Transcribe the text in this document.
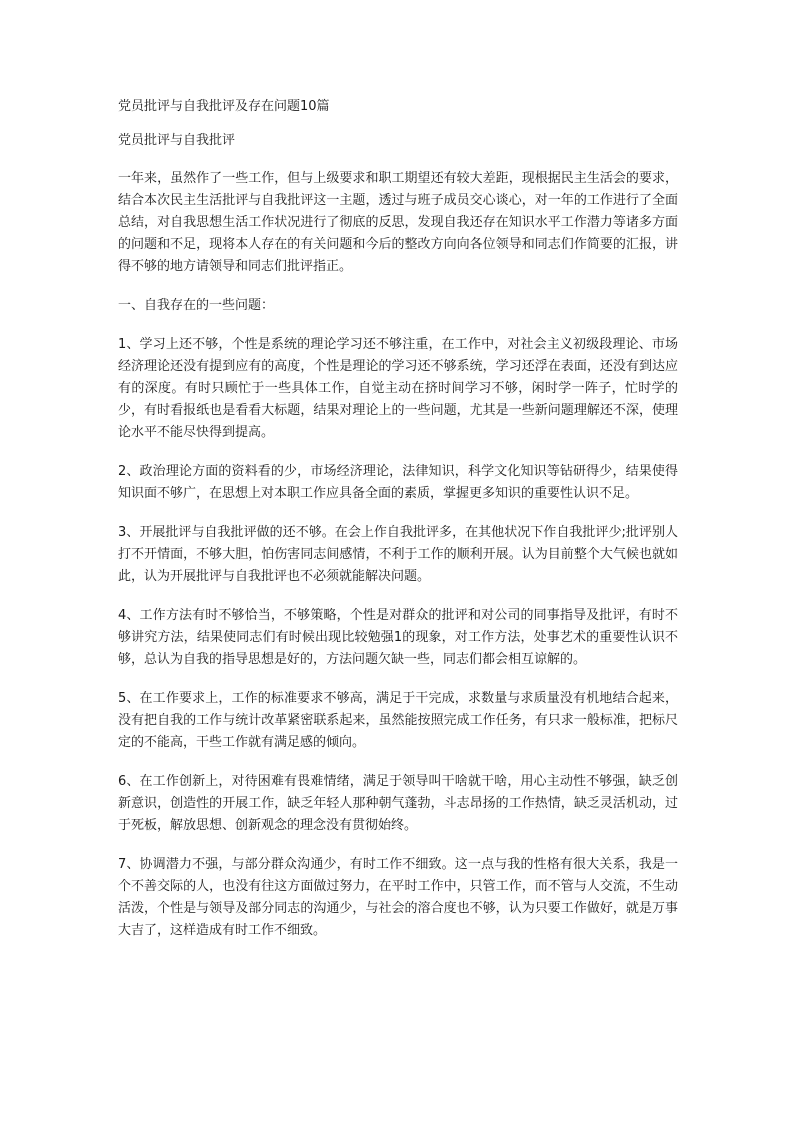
党员批评与自我批评及存在问题10篇
党员批评与自我批评

一年来，虽然作了一些工作，但与上级要求和职工期望还有较大差距，现根据民主生活会的要求，结合本次民主生活批评与自我批评这一主题，透过与班子成员交心谈心，对一年的工作进行了全面总结，对自我思想生活工作状况进行了彻底的反思，发现自我还存在知识水平工作潜力等诸多方面的问题和不足，现将本人存在的有关问题和今后的整改方向向各位领导和同志们作简要的汇报，讲得不够的地方请领导和同志们批评指正。

一、自我存在的一些问题：

1、学习上还不够，个性是系统的理论学习还不够注重，在工作中，对社会主义初级段理论、市场经济理论还没有提到应有的高度，个性是理论的学习还不够系统，学习还浮在表面，还没有到达应有的深度。有时只顾忙于一些具体工作，自觉主动在挤时间学习不够，闲时学一阵子，忙时学的少，有时看报纸也是看看大标题，结果对理论上的一些问题，尤其是一些新问题理解还不深，使理论水平不能尽快得到提高。

2、政治理论方面的资料看的少，市场经济理论，法律知识，科学文化知识等钻研得少，结果使得知识面不够广，在思想上对本职工作应具备全面的素质，掌握更多知识的重要性认识不足。

3、开展批评与自我批评做的还不够。在会上作自我批评多，在其他状况下作自我批评少;批评别人打不开情面，不够大胆，怕伤害同志间感情，不利于工作的顺利开展。认为目前整个大气候也就如此，认为开展批评与自我批评也不必须就能解决问题。

4、工作方法有时不够恰当，不够策略，个性是对群众的批评和对公司的同事指导及批评，有时不够讲究方法，结果使同志们有时候出现比较勉强1的现象，对工作方法，处事艺术的重要性认识不够，总认为自我的指导思想是好的，方法问题欠缺一些，同志们都会相互谅解的。

5、在工作要求上，工作的标准要求不够高，满足于干完成，求数量与求质量没有机地结合起来，没有把自我的工作与统计改革紧密联系起来，虽然能按照完成工作任务，有只求一般标准，把标尺定的不能高，干些工作就有满足感的倾向。

6、在工作创新上，对待困难有畏难情绪，满足于领导叫干啥就干啥，用心主动性不够强，缺乏创新意识，创造性的开展工作，缺乏年轻人那种朝气蓬勃，斗志昂扬的工作热情，缺乏灵活机动，过于死板，解放思想、创新观念的理念没有贯彻始终。

7、协调潜力不强，与部分群众沟通少，有时工作不细致。这一点与我的性格有很大关系，我是一个不善交际的人，也没有往这方面做过努力，在平时工作中，只管工作，而不管与人交流，不生动活泼，个性是与领导及部分同志的沟通少，与社会的溶合度也不够，认为只要工作做好，就是万事大吉了，这样造成有时工作不细致。
